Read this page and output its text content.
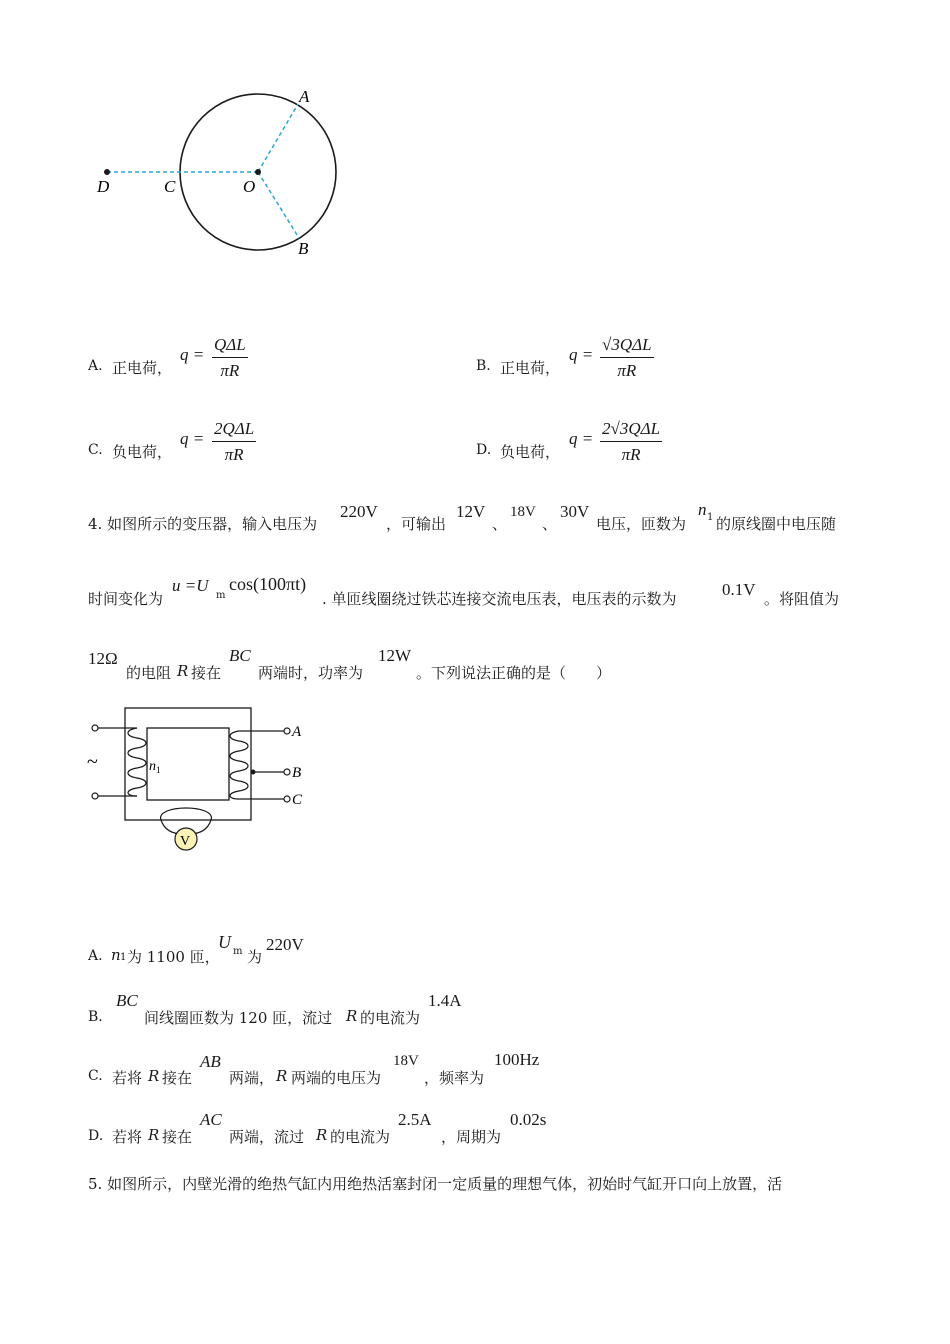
A
B
C
D	O
A. 正电荷，
q =
QΔL
πR	B. 正电荷，
q =
√3QΔL
πR
C. 负电荷，
q =
2QΔL
πR	D. 负电荷，
q =
2√3QΔL
πR
4. 如图所示的变压器，输入电压为
220V
，可输出
12V
、
18V
、
30V
电压，匝数为
n 1 的原线圈中电压随
时间变化为
u =U
m
cos(100πt)
. 单匝线圈绕过铁芯连接交流电压表，电压表的示数为	0.1V 。将阻值为
12Ω
的电阻 R 接在
BC
两端时，功率为
12W
。下列说法正确的是（　　）
~	$n_1$
A
B
C
V
A. n 1 为 1100 匝，
U m 为
220V
B.
BC
间线圈匝数为 120 匝，流过 R 的电流为
1.4A
C. 若将 R 接在
AB
两端， R 两端的电压为
18V
，频率为
100Hz
D. 若将 R 接在
AC
两端，流过 R 的电流为
2.5A
，周期为
0.02s
5. 如图所示，内壁光滑的绝热气缸内用绝热活塞封闭一定质量的理想气体，初始时气缸开口向上放置，活
